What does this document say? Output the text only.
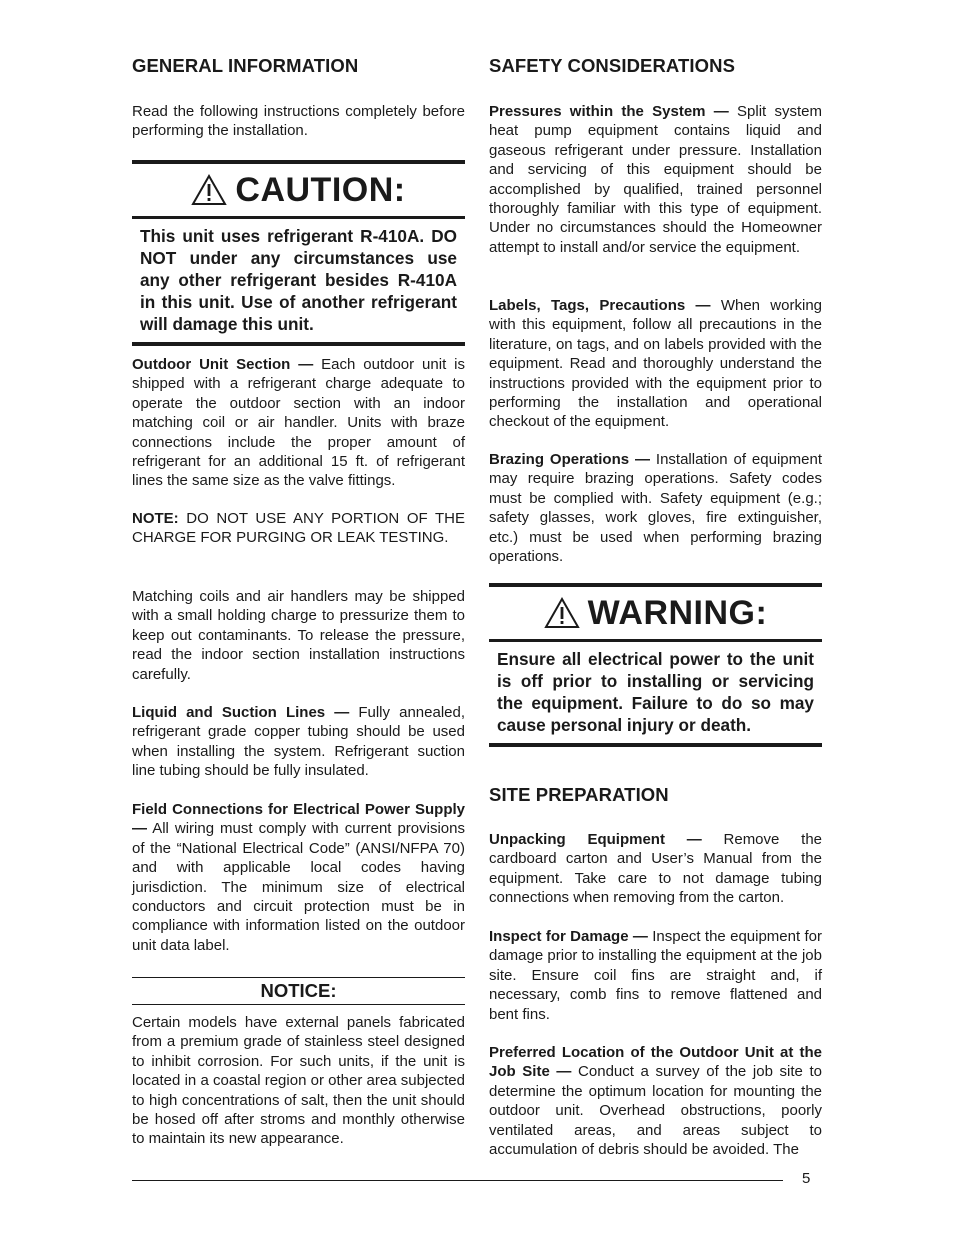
GENERAL INFORMATION

Read the following instructions completely before performing the installation.

CAUTION:
This unit uses refrigerant R-410A. DO NOT under any circumstances use any other refrigerant besides R-410A in this unit. Use of another refrigerant will damage this unit.

Outdoor Unit Section — Each outdoor unit is shipped with a refrigerant charge adequate to operate the outdoor section with an indoor matching coil or air handler. Units with braze connections include the proper amount of refrigerant for an additional 15 ft. of refrigerant lines the same size as the valve fittings.

NOTE: DO NOT USE ANY PORTION OF THE CHARGE FOR PURGING OR LEAK TESTING.

Matching coils and air handlers may be shipped with a small holding charge to pressurize them to keep out contaminants. To release the pressure, read the indoor section installation instructions carefully.

Liquid and Suction Lines — Fully annealed, refrigerant grade copper tubing should be used when installing the system. Refrigerant suction line tubing should be fully insulated.

Field Connections for Electrical Power Supply — All wiring must comply with current provisions of the “National Electrical Code” (ANSI/NFPA 70) and with applicable local codes having jurisdiction. The minimum size of electrical conductors and circuit protection must be in compliance with information listed on the outdoor unit data label.

NOTICE:

Certain models have external panels fabricated from a premium grade of stainless steel designed to inhibit corrosion. For such units, if the unit is located in a coastal region or other area subjected to high concentrations of salt, then the unit should be hosed off after stroms and monthly otherwise to maintain its new appearance.

SAFETY CONSIDERATIONS

Pressures within the System — Split system heat pump equipment contains liquid and gaseous refrigerant under pressure. Installation and servicing of this equipment should be accomplished by qualified, trained personnel thoroughly familiar with this type of equipment. Under no circumstances should the Homeowner attempt to install and/or service the equipment.

Labels, Tags, Precautions — When working with this equipment, follow all precautions in the literature, on tags, and on labels provided with the equipment. Read and thoroughly understand the instructions provided with the equipment prior to performing the installation and operational checkout of the equipment.

Brazing Operations — Installation of equipment may require brazing operations. Safety codes must be complied with. Safety equipment (e.g.; safety glasses, work gloves, fire extinguisher, etc.) must be used when performing brazing operations.

WARNING:
Ensure all electrical power to the unit is off prior to installing or servicing the equipment. Failure to do so may cause personal injury or death.
SITE PREPARATION

Unpacking Equipment — Remove the cardboard carton and User’s Manual from the equipment. Take care to not damage tubing connections when removing from the carton.

Inspect for Damage — Inspect the equipment for damage prior to installing the equipment at the job site. Ensure coil fins are straight and, if necessary, comb fins to remove flattened and bent fins.

Preferred Location of the Outdoor Unit at the Job Site — Conduct a survey of the job site to determine the optimum location for mounting the outdoor unit. Overhead obstructions, poorly ventilated areas, and areas subject to accumulation of debris should be avoided. The

5
